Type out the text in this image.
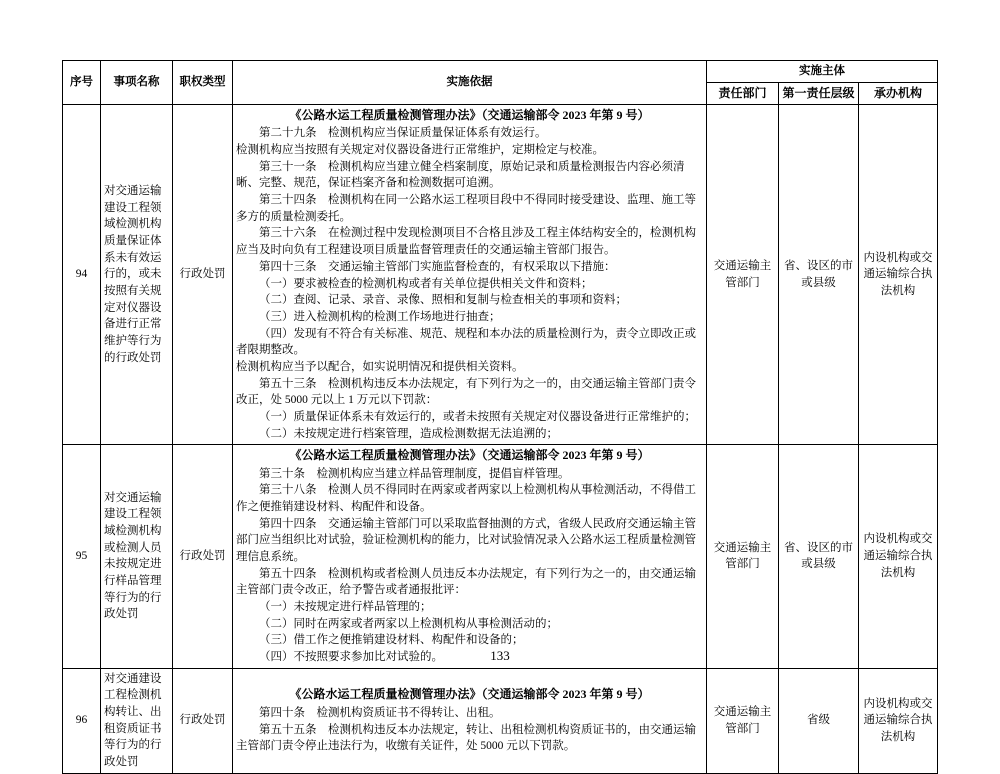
序号	事项名称	职权类型	实施依据	实施主体		
				责任部门	第一责任层级	承办机构
94	对交通运输建设工程领域检测机构质量保证体系未有效运行的，或未按照有关规定对仪器设备进行正常维护等行为的行政处罚	行政处罚	
《公路水运工程质量检测管理办法》（交通运输部令 2023 年第 9 号）
第二十九条　检测机构应当保证质量保证体系有效运行。
检测机构应当按照有关规定对仪器设备进行正常维护，定期检定与校准。
第三十一条　检测机构应当建立健全档案制度，原始记录和质量检测报告内容必须清晰、完整、规范，保证档案齐备和检测数据可追溯。
第三十四条　检测机构在同一公路水运工程项目段中不得同时接受建设、监理、施工等多方的质量检测委托。
第三十六条　在检测过程中发现检测项目不合格且涉及工程主体结构安全的，检测机构应当及时向负有工程建设项目质量监督管理责任的交通运输主管部门报告。
第四十三条　交通运输主管部门实施监督检查的，有权采取以下措施：
（一）要求被检查的检测机构或者有关单位提供相关文件和资料；
（二）查阅、记录、录音、录像、照相和复制与检查相关的事项和资料；
（三）进入检测机构的检测工作场地进行抽查；
（四）发现有不符合有关标准、规范、规程和本办法的质量检测行为，责令立即改正或者限期整改。
检测机构应当予以配合，如实说明情况和提供相关资料。
第五十三条　检测机构违反本办法规定，有下列行为之一的，由交通运输主管部门责令改正，处 5000 元以上 1 万元以下罚款：
（一）质量保证体系未有效运行的，或者未按照有关规定对仪器设备进行正常维护的；
（二）未按规定进行档案管理，造成检测数据无法追溯的；
	交通运输主管部门	省、设区的市或县级	内设机构或交通运输综合执法机构
95	对交通运输建设工程领域检测机构或检测人员未按规定进行样品管理等行为的行政处罚	行政处罚	
《公路水运工程质量检测管理办法》（交通运输部令 2023 年第 9 号）
第三十条　检测机构应当建立样品管理制度，提倡盲样管理。
第三十八条　检测人员不得同时在两家或者两家以上检测机构从事检测活动，不得借工作之便推销建设材料、构配件和设备。
第四十四条　交通运输主管部门可以采取监督抽测的方式，省级人民政府交通运输主管部门应当组织比对试验，验证检测机构的能力，比对试验情况录入公路水运工程质量检测管理信息系统。
第五十四条　检测机构或者检测人员违反本办法规定，有下列行为之一的，由交通运输主管部门责令改正，给予警告或者通报批评：
（一）未按规定进行样品管理的；
（二）同时在两家或者两家以上检测机构从事检测活动的；
（三）借工作之便推销建设材料、构配件和设备的；
（四）不按照要求参加比对试验的。
	交通运输主管部门	省、设区的市或县级	内设机构或交通运输综合执法机构
96	对交通建设工程检测机构转让、出租资质证书等行为的行政处罚	行政处罚	《公路水运工程质量检测管理办法》（交通运输部令 2023 年第 9 号）
第四十条　检测机构资质证书不得转让、出租。
第五十五条　检测机构违反本办法规定，转让、出租检测机构资质证书的，由交通运输主管部门责令停止违法行为，收缴有关证件，处 5000 元以下罚款。	交通运输主管部门	省级	内设机构或交通运输综合执法机构
133
